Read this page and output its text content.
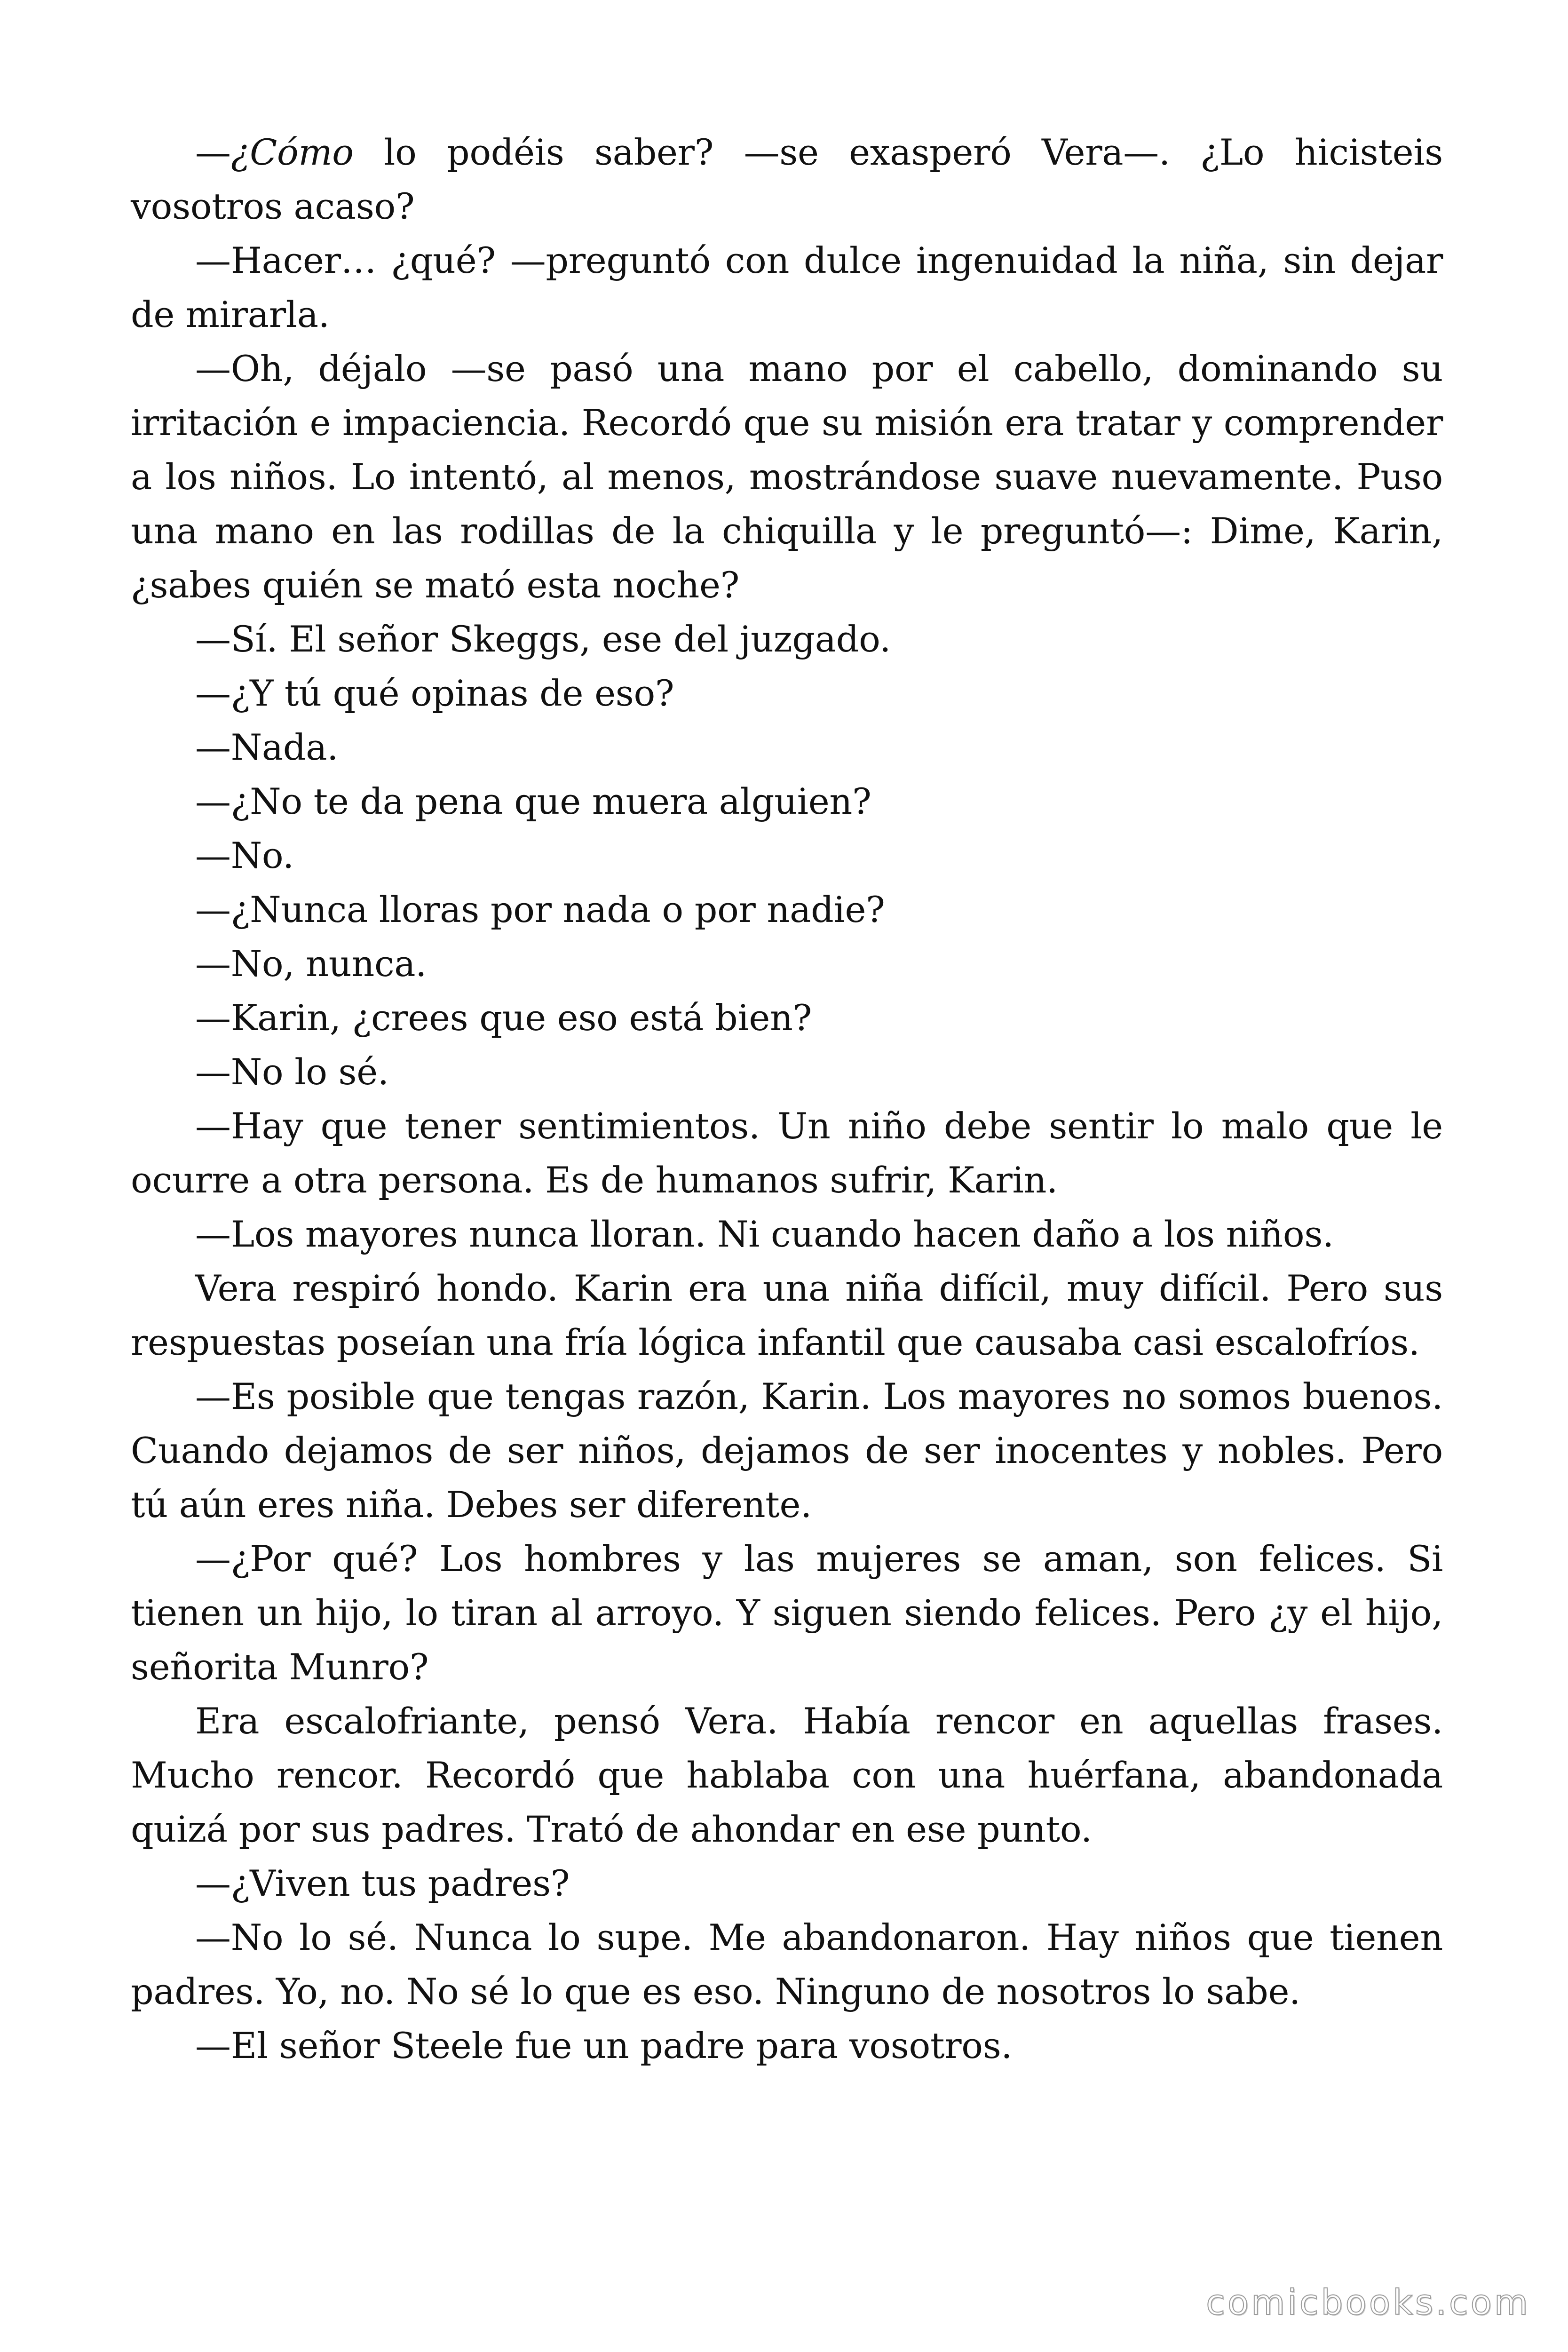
—¿Cómo lo podéis saber? —se exasperó Vera—. ¿Lo hicisteis vosotros acaso?

—Hacer… ¿qué? —preguntó con dulce ingenuidad la niña, sin dejar de mirarla.

—Oh, déjalo —se pasó una mano por el cabello, dominando su irritación e impaciencia. Recordó que su misión era tratar y comprender a los niños. Lo intentó, al menos, mostrándose suave nuevamente. Puso una mano en las rodillas de la chiquilla y le preguntó—: Dime, Karin, ¿sabes quién se mató esta noche?

—Sí. El señor Skeggs, ese del juzgado.

—¿Y tú qué opinas de eso?

—Nada.

—¿No te da pena que muera alguien?

—No.

—¿Nunca lloras por nada o por nadie?

—No, nunca.

—Karin, ¿crees que eso está bien?

—No lo sé.

—Hay que tener sentimientos. Un niño debe sentir lo malo que le ocurre a otra persona. Es de humanos sufrir, Karin.

—Los mayores nunca lloran. Ni cuando hacen daño a los niños.

Vera respiró hondo. Karin era una niña difícil, muy difícil. Pero sus respuestas poseían una fría lógica infantil que causaba casi escalofríos.

—Es posible que tengas razón, Karin. Los mayores no somos buenos. Cuando dejamos de ser niños, dejamos de ser inocentes y nobles. Pero tú aún eres niña. Debes ser diferente.

—¿Por qué? Los hombres y las mujeres se aman, son felices. Si tienen un hijo, lo tiran al arroyo. Y siguen siendo felices. Pero ¿y el hijo, señorita Munro?

Era escalofriante, pensó Vera. Había rencor en aquellas frases. Mucho rencor. Recordó que hablaba con una huérfana, abandonada quizá por sus padres. Trató de ahondar en ese punto.

—¿Viven tus padres?

—No lo sé. Nunca lo supe. Me abandonaron. Hay niños que tienen padres. Yo, no. No sé lo que es eso. Ninguno de nosotros lo sabe.

—El señor Steele fue un padre para vosotros.

comicbooks.com
